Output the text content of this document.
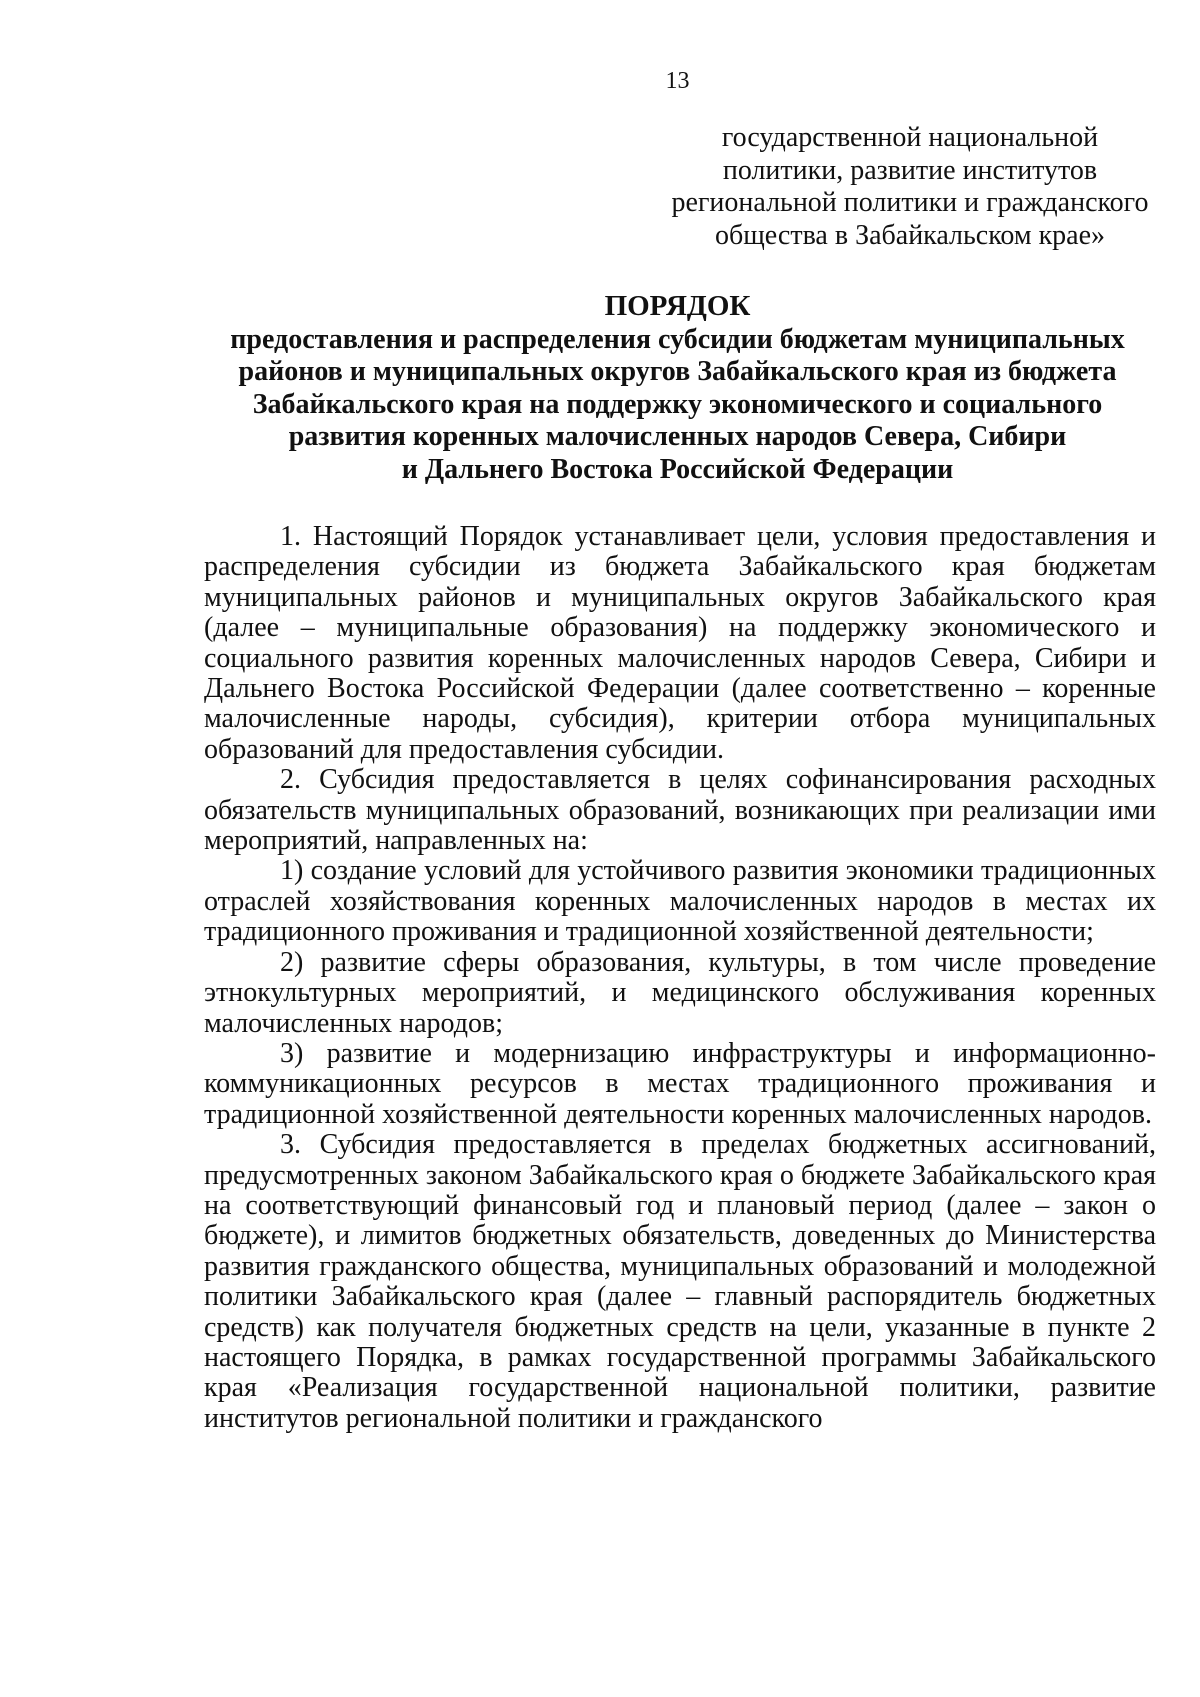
13
государственной национальной
политики, развитие институтов
региональной политики и гражданского
общества в Забайкальском крае»
ПОРЯДОК
предоставления и распределения субсидии бюджетам муниципальных
районов и муниципальных округов Забайкальского края из бюджета
Забайкальского края на поддержку экономического и социального
развития коренных малочисленных народов Севера, Сибири
и Дальнего Востока Российской Федерации

1. Настоящий Порядок устанавливает цели, условия предоставления и распределения субсидии из бюджета Забайкальского края бюджетам муниципальных районов и муниципальных округов Забайкальского края (далее – муниципальные образования) на поддержку экономического и социального развития коренных малочисленных народов Севера, Сибири и Дальнего Востока Российской Федерации (далее соответственно – коренные малочисленные народы, субсидия), критерии отбора муниципальных образований для предоставления субсидии.

2. Субсидия предоставляется в целях софинансирования расходных обязательств муниципальных образований, возникающих при реализации ими мероприятий, направленных на:

1) создание условий для устойчивого развития экономики традиционных отраслей хозяйствования коренных малочисленных народов в местах их традиционного проживания и традиционной хозяйственной деятельности;

2) развитие сферы образования, культуры, в том числе проведение этнокультурных мероприятий, и медицинского обслуживания коренных малочисленных народов;

3) развитие и модернизацию инфраструктуры и информационно-коммуникационных ресурсов в местах традиционного проживания и традиционной хозяйственной деятельности коренных малочисленных народов.

3. Субсидия предоставляется в пределах бюджетных ассигнований, предусмотренных законом Забайкальского края о бюджете Забайкальского края на соответствующий финансовый год и плановый период (далее – закон о бюджете), и лимитов бюджетных обязательств, доведенных до Министерства развития гражданского общества, муниципальных образований и молодежной политики Забайкальского края (далее – главный распорядитель бюджетных средств) как получателя бюджетных средств на цели, указанные в пункте 2 настоящего Порядка, в рамках государственной программы Забайкальского края «Реализация государственной национальной политики, развитие институтов региональной политики и гражданского
